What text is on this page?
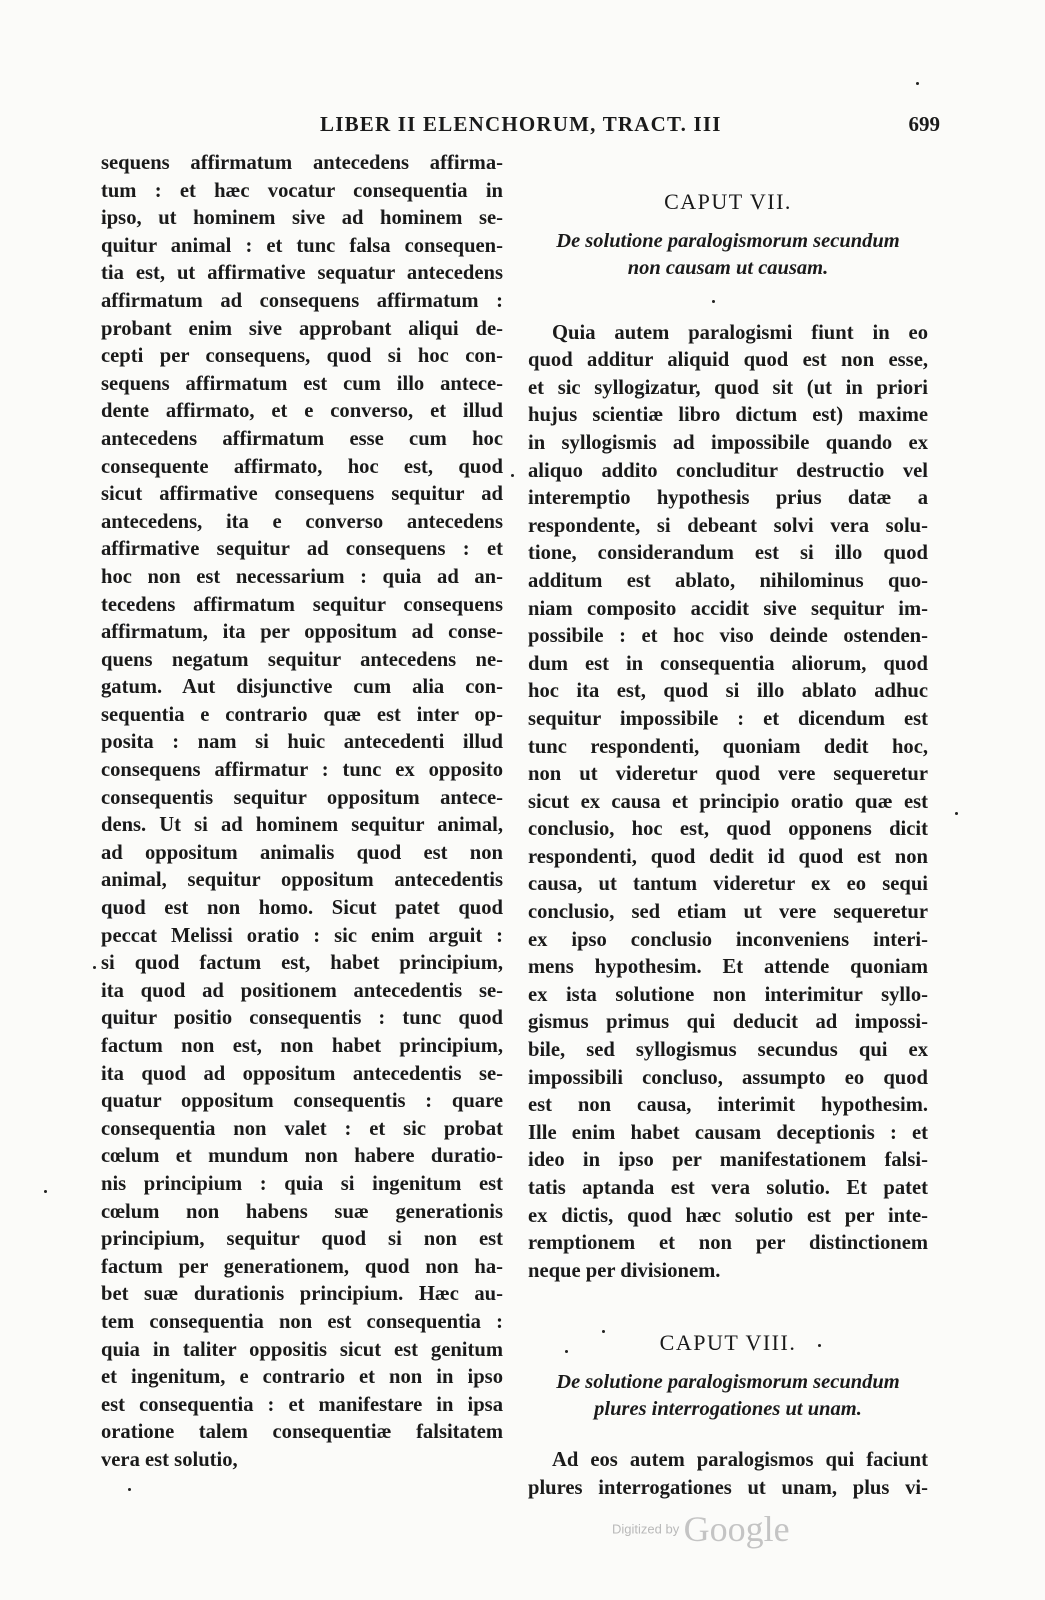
LIBER II ELENCHORUM, TRACT. III	699
sequens affirmatum antecedens affirma-
tum : et hæc vocatur consequentia in
ipso, ut hominem sive ad hominem se-
quitur animal : et tunc falsa consequen-
tia est, ut affirmative sequatur antecedens
affirmatum ad consequens affirmatum :
probant enim sive approbant aliqui de-
cepti per consequens, quod si hoc con-
sequens affirmatum est cum illo antece-
dente affirmato, et e converso, et illud
antecedens affirmatum esse cum hoc
consequente affirmato, hoc est, quod
sicut affirmative consequens sequitur ad
antecedens, ita e converso antecedens
affirmative sequitur ad consequens : et
hoc non est necessarium : quia ad an-
tecedens affirmatum sequitur consequens
affirmatum, ita per oppositum ad conse-
quens negatum sequitur antecedens ne-
gatum. Aut disjunctive cum alia con-
sequentia e contrario quæ est inter op-
posita : nam si huic antecedenti illud
consequens affirmatur : tunc ex opposito
consequentis sequitur oppositum antece-
dens. Ut si ad hominem sequitur animal,
ad oppositum animalis quod est non
animal, sequitur oppositum antecedentis
quod est non homo. Sicut patet quod
peccat Melissi oratio : sic enim arguit :
si quod factum est, habet principium,
ita quod ad positionem antecedentis se-
quitur positio consequentis : tunc quod
factum non est, non habet principium,
ita quod ad oppositum antecedentis se-
quatur oppositum consequentis : quare
consequentia non valet : et sic probat
cœlum et mundum non habere duratio-
nis principium : quia si ingenitum est
cœlum non habens suæ generationis
principium, sequitur quod si non est
factum per generationem, quod non ha-
bet suæ durationis principium. Hæc au-
tem consequentia non est consequentia :
quia in taliter oppositis sicut est genitum
et ingenitum, e contrario et non in ipso
est consequentia : et manifestare in ipsa
oratione talem consequentiæ falsitatem
vera est solutio,

CAPUT VII.

De solutione paralogismorum secundum

non causam ut causam.

Quia autem paralogismi fiunt in eo
quod additur aliquid quod est non esse,
et sic syllogizatur, quod sit (ut in priori
hujus scientiæ libro dictum est) maxime
in syllogismis ad impossibile quando ex
aliquo addito concluditur destructio vel
interemptio hypothesis prius datæ a
respondente, si debeant solvi vera solu-
tione, considerandum est si illo quod
additum est ablato, nihilominus quo-
niam composito accidit sive sequitur im-
possibile : et hoc viso deinde ostenden-
dum est in consequentia aliorum, quod
hoc ita est, quod si illo ablato adhuc
sequitur impossibile : et dicendum est
tunc respondenti, quoniam dedit hoc,
non ut videretur quod vere sequeretur
sicut ex causa et principio oratio quæ est
conclusio, hoc est, quod opponens dicit
respondenti, quod dedit id quod est non
causa, ut tantum videretur ex eo sequi
conclusio, sed etiam ut vere sequeretur
ex ipso conclusio inconveniens interi-
mens hypothesim. Et attende quoniam
ex ista solutione non interimitur syllo-
gismus primus qui deducit ad impossi-
bile, sed syllogismus secundus qui ex
impossibili concluso, assumpto eo quod
est non causa, interimit hypothesim.
Ille enim habet causam deceptionis : et
ideo in ipso per manifestationem falsi-
tatis aptanda est vera solutio. Et patet
ex dictis, quod hæc solutio est per inte-
remptionem et non per distinctionem
neque per divisionem.

CAPUT VIII.

De solutione paralogismorum secundum

plures interrogationes ut unam.

Ad eos autem paralogismos qui faciunt
plures interrogationes ut unam, plus vi-
Digitized by Google
